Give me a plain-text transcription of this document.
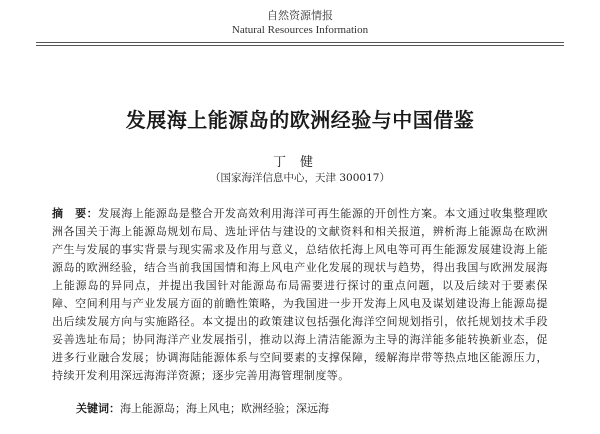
自然资源情报
Natural Resources Information
发展海上能源岛的欧洲经验与中国借鉴
丁健
（国家海洋信息中心，天津 300017）
摘　要：发展海上能源岛是整合开发高效利用海洋可再生能源的开创性方案。本文通过收集整理欧洲各国关于海上能源岛规划布局、选址评估与建设的文献资料和相关报道，辨析海上能源岛在欧洲产生与发展的事实背景与现实需求及作用与意义，总结依托海上风电等可再生能源发展建设海上能源岛的欧洲经验，结合当前我国国情和海上风电产业化发展的现状与趋势，得出我国与欧洲发展海上能源岛的异同点，并提出我国针对能源岛布局需要进行探讨的重点问题，以及后续对于要素保障、空间利用与产业发展方面的前瞻性策略，为我国进一步开发海上风电及谋划建设海上能源岛提出后续发展方向与实施路径。本文提出的政策建议包括强化海洋空间规划指引，依托规划技术手段妥善选址布局；协同海洋产业发展指引，推动以海上清洁能源为主导的海洋能多能转换新业态，促进多行业融合发展；协调海陆能源体系与空间要素的支撑保障，缓解海岸带等热点地区能源压力，持续开发利用深远海海洋资源；逐步完善用海管理制度等。
关键词：海上能源岛；海上风电；欧洲经验；深远海
